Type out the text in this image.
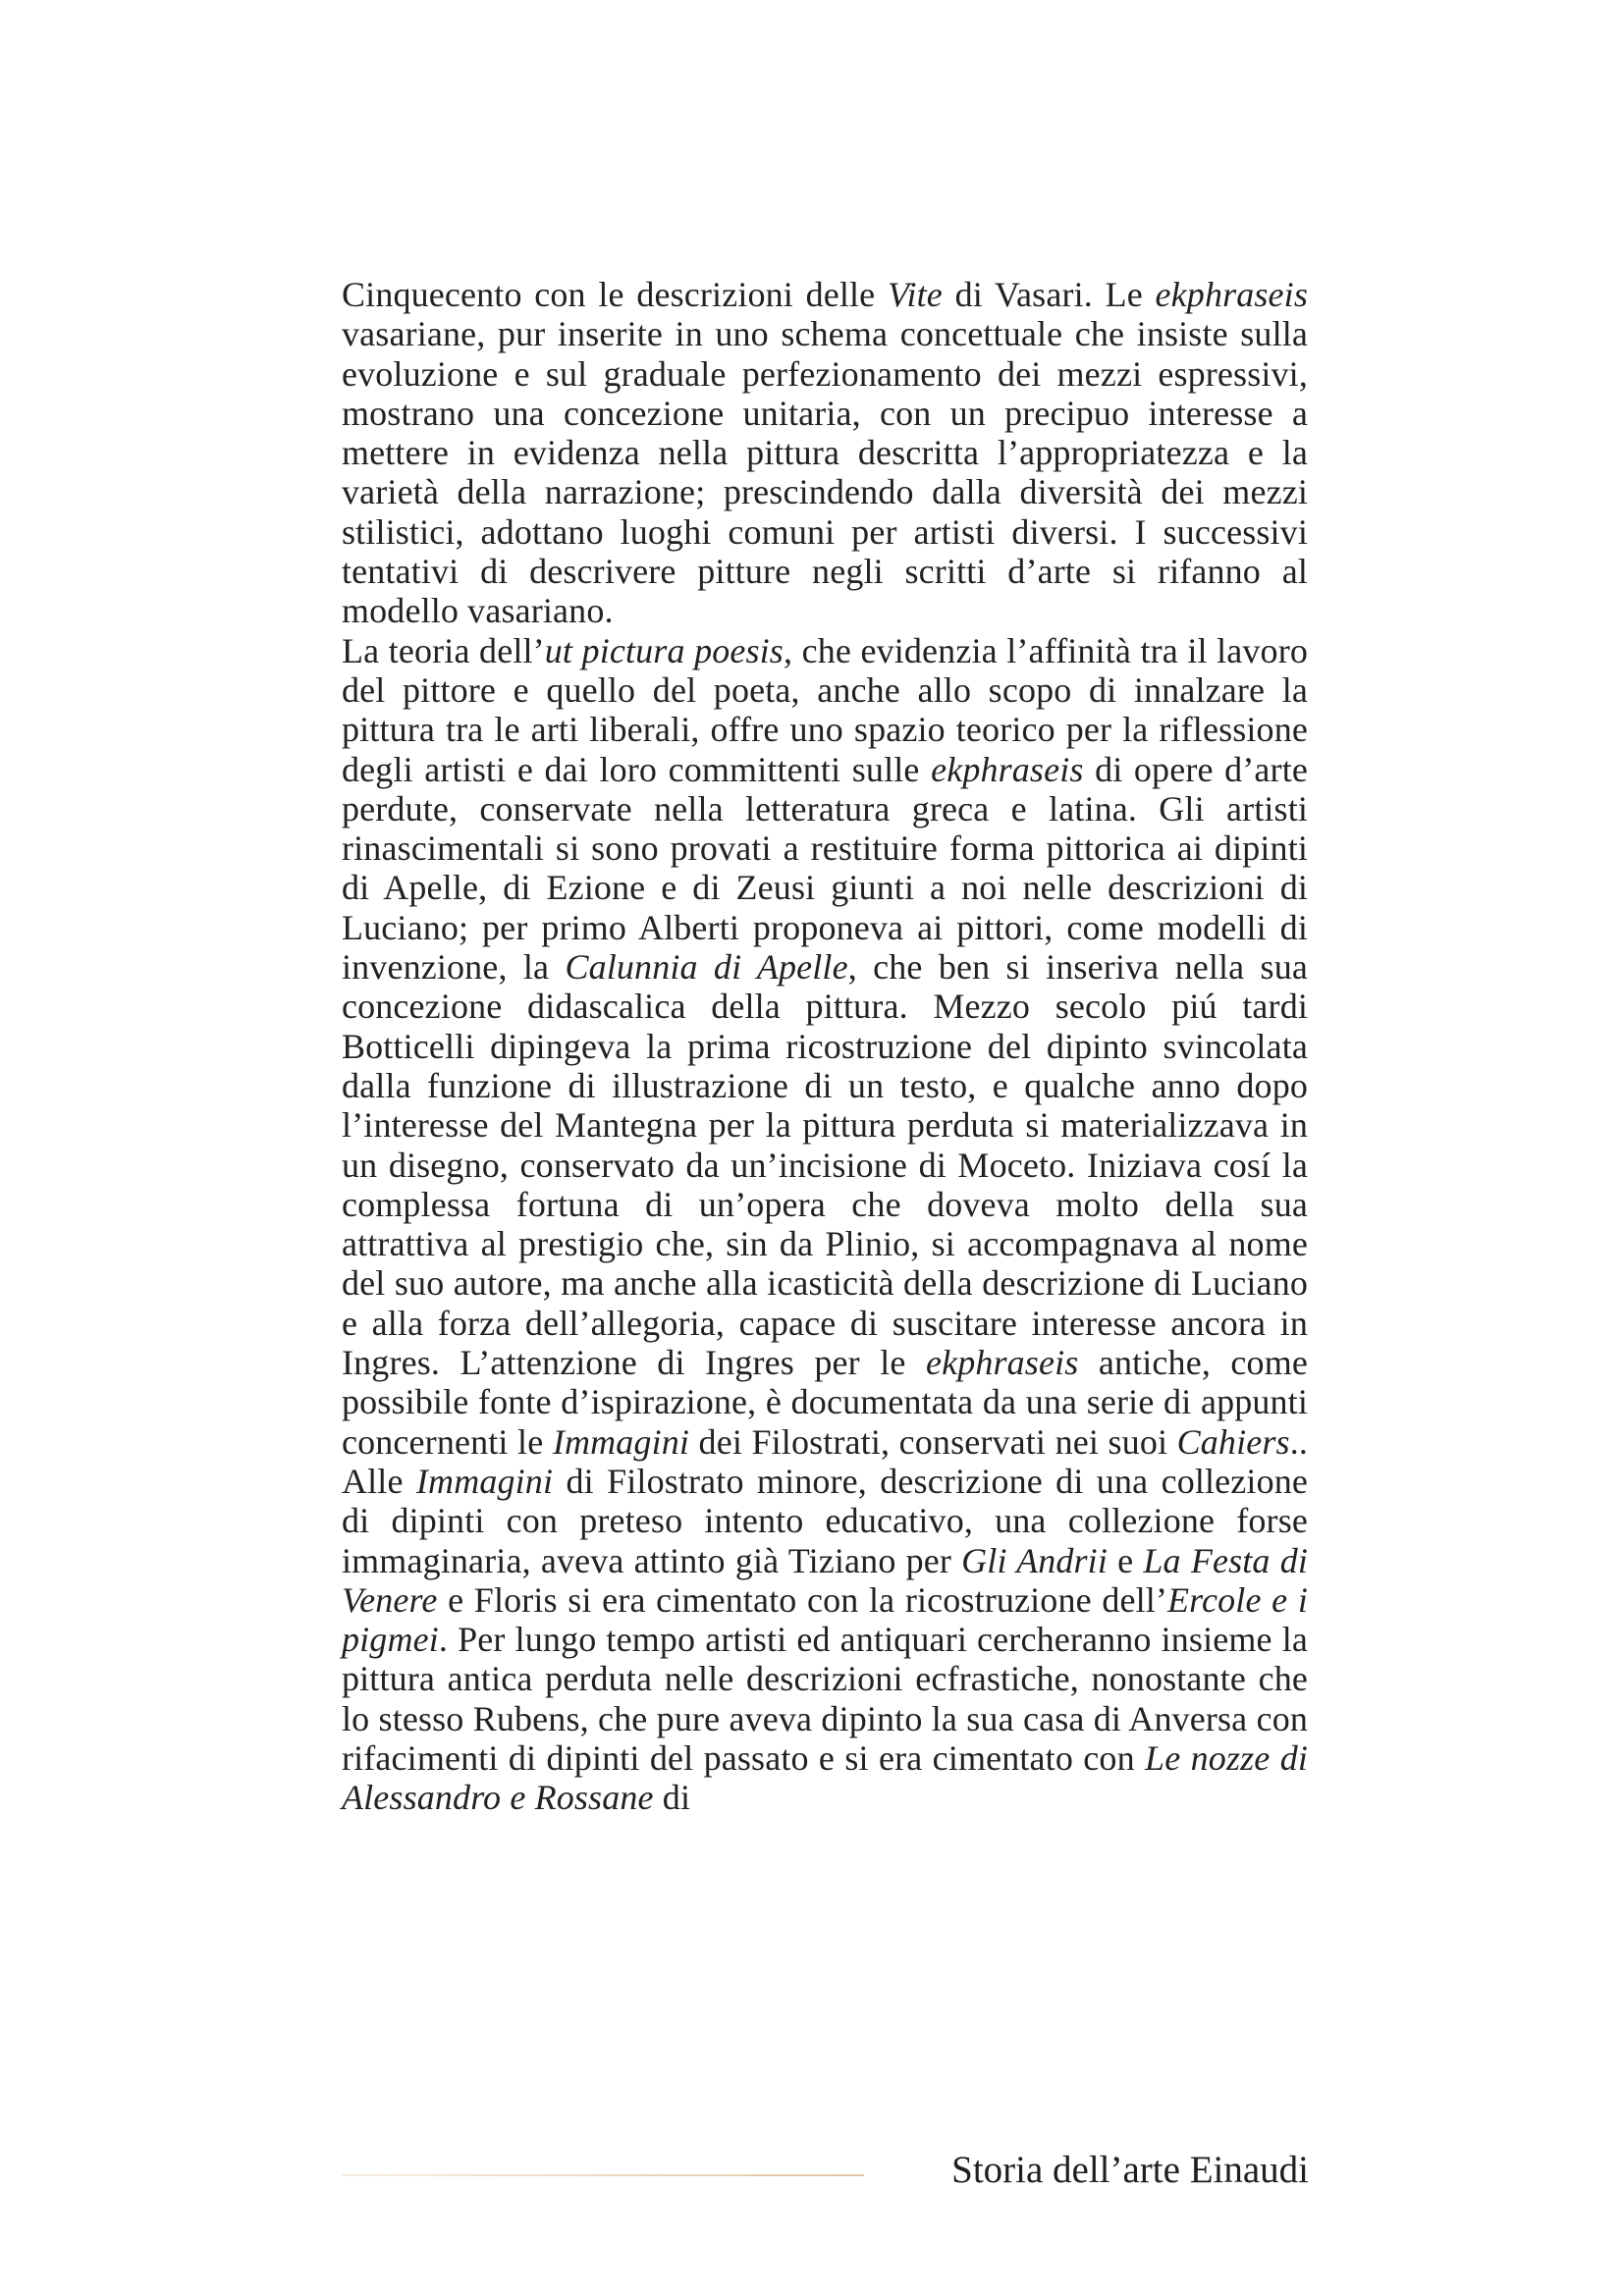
Cinquecento con le descrizioni delle Vite di Vasari. Le ekphraseis vasariane, pur inserite in uno schema concettuale che insiste sulla evoluzione e sul graduale perfezionamento dei mezzi espressivi, mostrano una concezione unitaria, con un precipuo interesse a mettere in evidenza nella pittura descritta l’appropriatezza e la varietà della narrazione; prescindendo dalla diversità dei mezzi stilistici, adottano luoghi comuni per artisti diversi. I successivi tentativi di descrivere pitture negli scritti d’arte si rifanno al modello vasariano.

La teoria dell’ut pictura poesis, che evidenzia l’affinità tra il lavoro del pittore e quello del poeta, anche allo scopo di innalzare la pittura tra le arti liberali, offre uno spazio teorico per la riflessione degli artisti e dai loro committenti sulle ekphraseis di opere d’arte perdute, conservate nella letteratura greca e latina. Gli artisti rinascimentali si sono provati a restituire forma pittorica ai dipinti di Apelle, di Ezione e di Zeusi giunti a noi nelle descrizioni di Luciano; per primo Alberti proponeva ai pittori, come modelli di invenzione, la Calunnia di Apelle, che ben si inseriva nella sua concezione didascalica della pittura. Mezzo secolo piú tardi Botticelli dipingeva la prima ricostruzione del dipinto svincolata dalla funzione di illustrazione di un testo, e qualche anno dopo l’interesse del Mantegna per la pittura perduta si materializzava in un disegno, conservato da un’incisione di Moceto. Iniziava cosí la complessa fortuna di un’opera che doveva molto della sua attrattiva al prestigio che, sin da Plinio, si accompagnava al nome del suo autore, ma anche alla icasticità della descrizione di Luciano e alla forza dell’allegoria, capace di suscitare interesse ancora in Ingres. L’attenzione di Ingres per le ekphraseis antiche, come possibile fonte d’ispirazione, è documentata da una serie di appunti concernenti le Immagini dei Filostrati, conservati nei suoi Cahiers.. Alle Immagini di Filostrato minore, descrizione di una collezione di dipinti con preteso intento educativo, una collezione forse immaginaria, aveva attinto già Tiziano per Gli Andrii e La Festa di Venere e Floris si era cimentato con la ricostruzione dell’Ercole e i pigmei. Per lungo tempo artisti ed antiquari cercheranno insieme la pittura antica perduta nelle descrizioni ecfrastiche, nonostante che lo stesso Rubens, che pure aveva dipinto la sua casa di Anversa con rifacimenti di dipinti del passato e si era cimentato con Le nozze di Alessandro e Rossane di

Storia dell’arte Einaudi
